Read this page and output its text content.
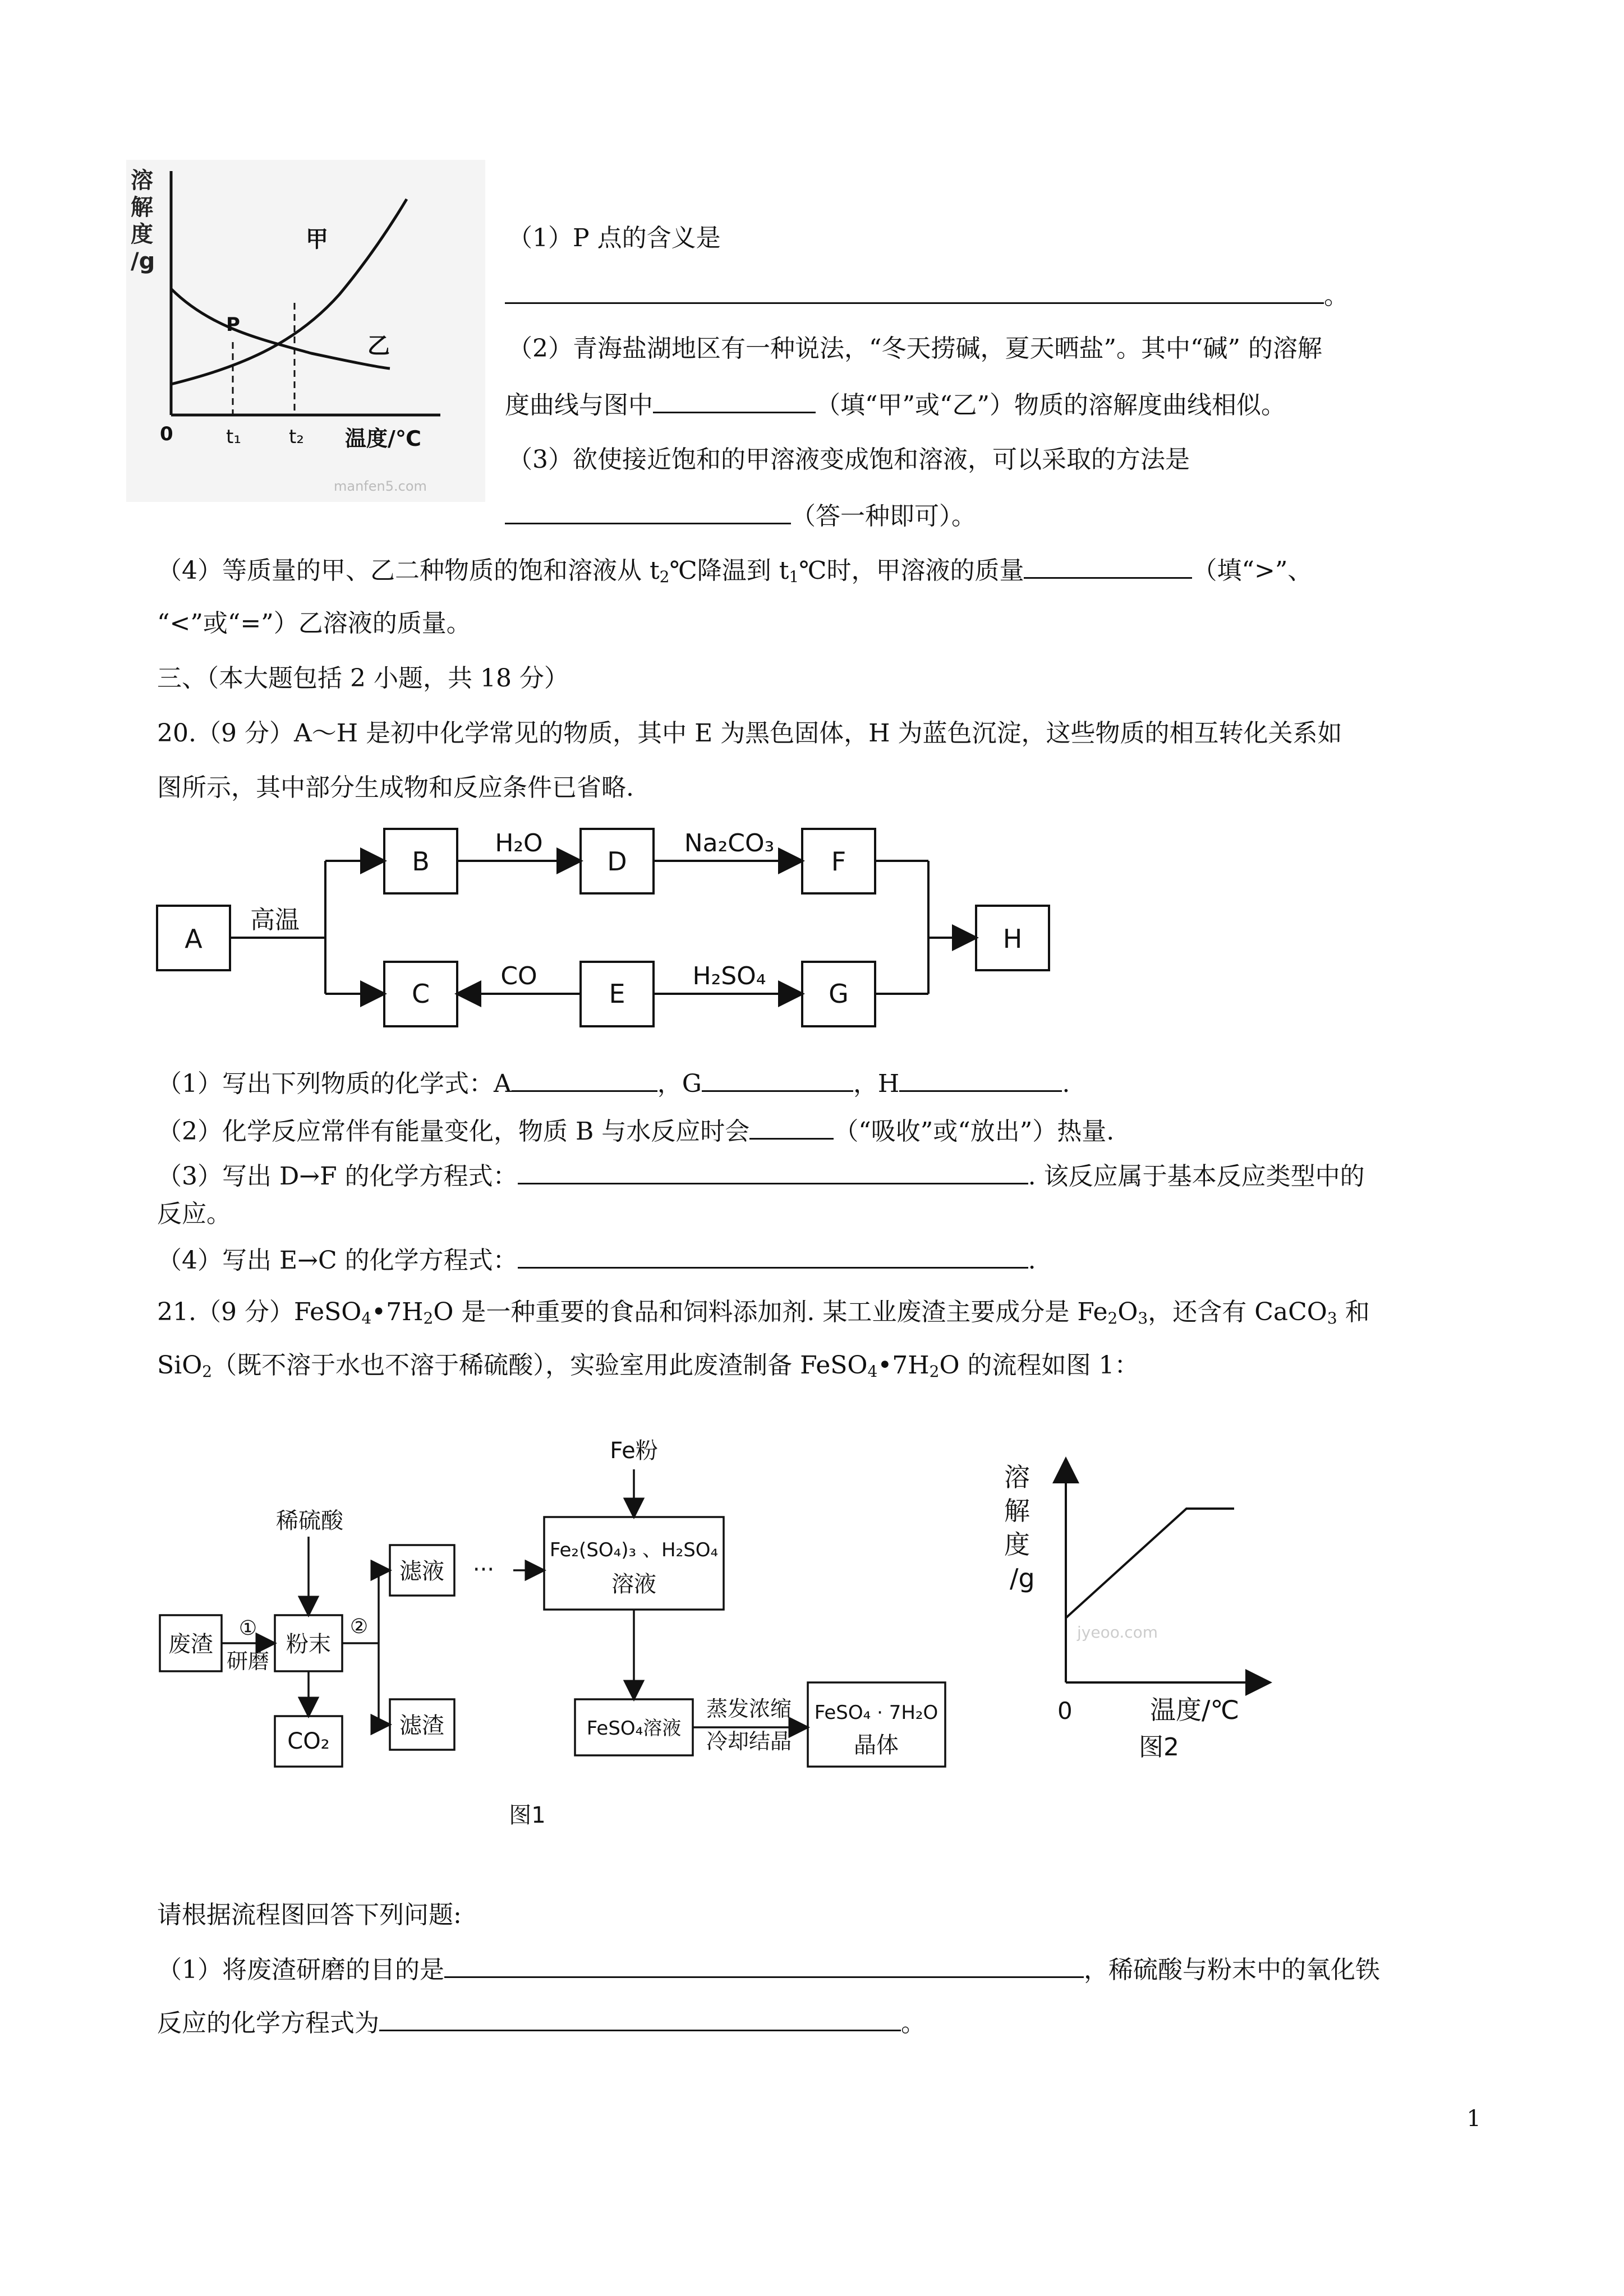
溶
解
度
/g
P
甲
乙
0	t₁	t₂ 温度/℃
manfen5.com
（1）P 点的含义是
。
（2）青海盐湖地区有一种说法，“冬天捞碱，夏天晒盐”。其中“碱” 的溶解
度曲线与图中	（填“甲”或“乙”）物质的溶解度曲线相似。
（3）欲使接近饱和的甲溶液变成饱和溶液，可以采取的方法是
（答一种即可）。
（4）等质量的甲、乙二种物质的饱和溶液从 $t_2℃$降温到 $t_1℃$时，甲溶液的质量	（填“>”、
“<”或“=”）乙溶液的质量。
三、（本大题包括 2 小题，共 18 分）
20.（9 分）A～H 是初中化学常见的物质，其中 E 为黑色固体，H 为蓝色沉淀，这些物质的相互转化关系如
图所示，其中部分生成物和反应条件已省略.
A
B	D	F
H
C	E	G
高温
H₂O	Na₂CO₃
CO	H₂SO₄
（1）写出下列物质的化学式：A	，G	，H	.
（2）化学反应常伴有能量变化，物质 B 与水反应时会	（“吸收”或“放出”）热量.
（3）写出 D→F 的化学方程式：	. 该反应属于基本反应类型中的
反应。
（4）写出 E→C 的化学方程式：	.
21.（9 分）$FeSO_4•7H_2O$ 是一种重要的食品和饲料添加剂. 某工业废渣主要成分是 $Fe_2O_3$，还含有 CaCO$_3$ 和
SiO$_2$（既不溶于水也不溶于稀硫酸），实验室用此废渣制备 $FeSO_4•7H_2O$ 的流程如图 1：
Fe粉
稀硫酸
滤液 ···
Fe₂(SO₄)₃ 、H₂SO₄
溶液
废渣
①
研磨
粉末
②
CO₂
滤渣	FeSO₄溶液
蒸发浓缩
冷却结晶
FeSO₄ · 7H₂O
晶体
图1
溶
解
度
/g
jyeoo.com
0	温度/℃
图2
请根据流程图回答下列问题:
（1）将废渣研磨的目的是	，稀硫酸与粉末中的氧化铁
反应的化学方程式为	。
1
